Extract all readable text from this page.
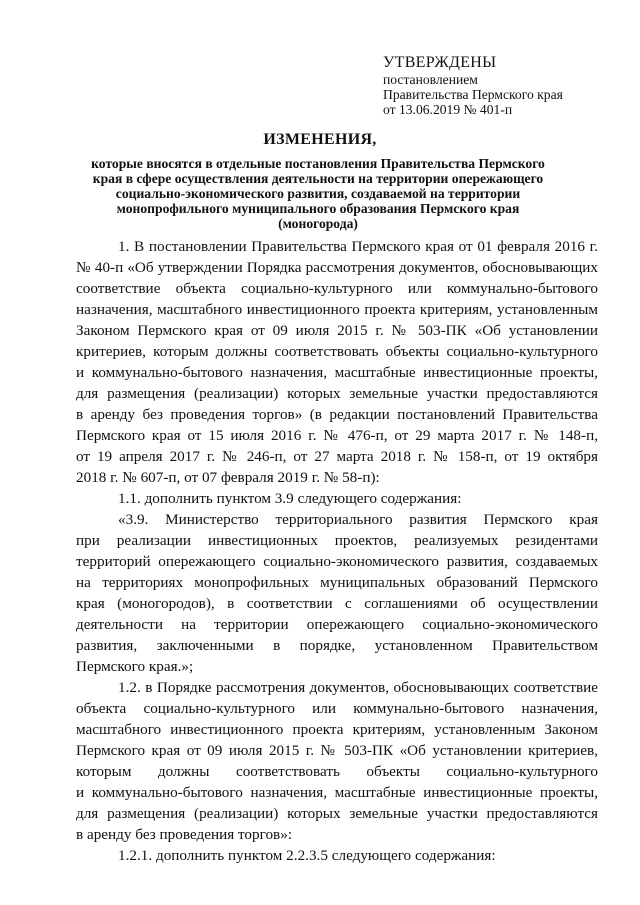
УТВЕРЖДЕНЫ
постановлением
Правительства Пермского края
от 13.06.2019 № 401-п
ИЗМЕНЕНИЯ,
которые вносятся в отдельные постановления Правительства Пермского края в сфере осуществления деятельности на территории опережающего социально-экономического развития, создаваемой на территории монопрофильного муниципального образования Пермского края (моногорода)

1. В постановлении Правительства Пермского края от 01 февраля 2016 г.

№ 40-п «Об утверждении Порядка рассмотрения документов, обосновывающих

соответствие объекта социально-культурного или коммунально-бытового

назначения, масштабного инвестиционного проекта критериям, установленным

Законом Пермского края от 09 июля 2015 г. № 503-ПК «Об установлении

критериев, которым должны соответствовать объекты социально-культурного

и коммунально-бытового назначения, масштабные инвестиционные проекты,

для размещения (реализации) которых земельные участки предоставляются

в аренду без проведения торгов» (в редакции постановлений Правительства

Пермского края от 15 июля 2016 г. № 476-п, от 29 марта 2017 г. № 148-п,

от 19 апреля 2017 г. № 246-п, от 27 марта 2018 г. № 158-п, от 19 октября

2018 г. № 607-п, от 07 февраля 2019 г. № 58-п):

1.1. дополнить пунктом 3.9 следующего содержания:

«3.9. Министерство территориального развития Пермского края

при реализации инвестиционных проектов, реализуемых резидентами

территорий опережающего социально-экономического развития, создаваемых

на территориях монопрофильных муниципальных образований Пермского

края (моногородов), в соответствии с соглашениями об осуществлении

деятельности на территории опережающего социально-экономического

развития, заключенными в порядке, установленном Правительством

Пермского края.»;

1.2. в Порядке рассмотрения документов, обосновывающих соответствие

объекта социально-культурного или коммунально-бытового назначения,

масштабного инвестиционного проекта критериям, установленным Законом

Пермского края от 09 июля 2015 г. № 503-ПК «Об установлении критериев,

которым должны соответствовать объекты социально-культурного

и коммунально-бытового назначения, масштабные инвестиционные проекты,

для размещения (реализации) которых земельные участки предоставляются

в аренду без проведения торгов»:

1.2.1. дополнить пунктом 2.2.3.5 следующего содержания:
